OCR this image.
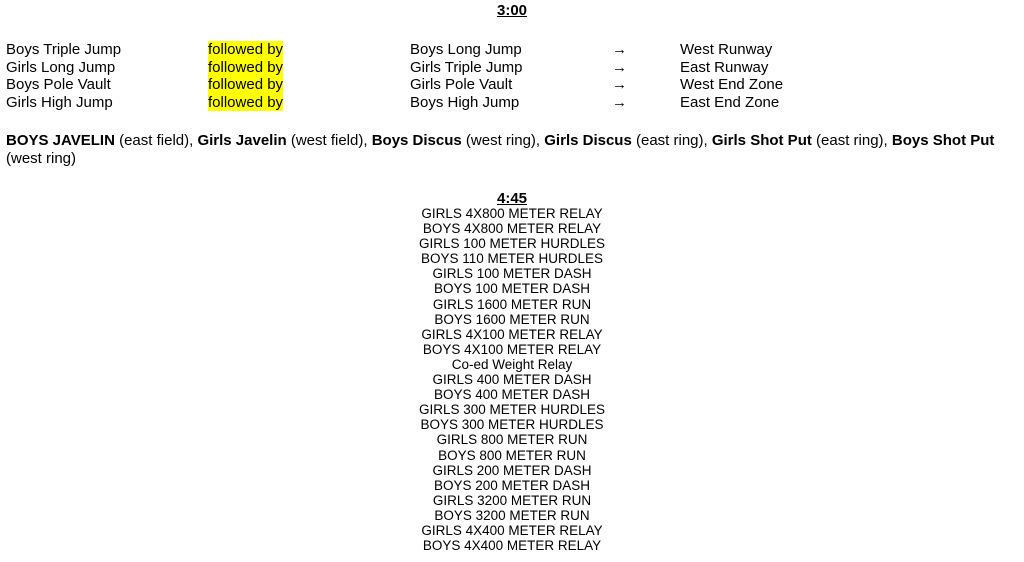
3:00
Boys Triple Jump	followed by	Boys Long Jump	→	West Runway
Girls Long Jump	followed by	Girls Triple Jump	→	East Runway
Boys Pole Vault	followed by	Girls Pole Vault	→	West End Zone
Girls High Jump	followed by	Boys High Jump	→	East End Zone
BOYS JAVELIN (east field), Girls Javelin (west field), Boys Discus (west ring), Girls Discus (east ring), Girls Shot Put (east ring), Boys Shot Put (west ring)
4:45
GIRLS 4X800 METER RELAY
BOYS 4X800 METER RELAY
GIRLS 100 METER HURDLES
BOYS 110 METER HURDLES
GIRLS 100 METER DASH
BOYS 100 METER DASH
GIRLS 1600 METER RUN
BOYS 1600 METER RUN
GIRLS 4X100 METER RELAY
BOYS 4X100 METER RELAY
Co-ed Weight Relay
GIRLS 400 METER DASH
BOYS 400 METER DASH
GIRLS 300 METER HURDLES
BOYS 300 METER HURDLES
GIRLS 800 METER RUN
BOYS 800 METER RUN
GIRLS 200 METER DASH
BOYS 200 METER DASH
GIRLS 3200 METER RUN
BOYS 3200 METER RUN
GIRLS 4X400 METER RELAY
BOYS 4X400 METER RELAY
